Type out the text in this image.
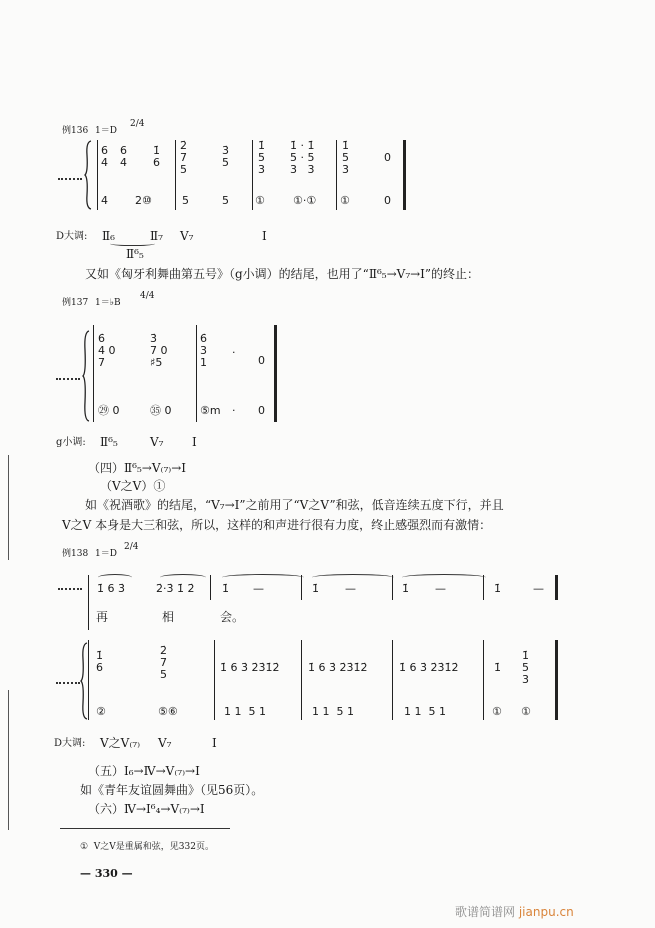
例136 1＝D
2/4
6
4
6
4
1̇
6
2̇
7
5
3̇
5
1̇
5
3
1̇ · 1̇
5 · 5
3   3
1̇
5
3
0
4 2⑩	5	5 ①	①·① ①	0
D大调: Ⅱ₆	Ⅱ₇ V₇	Ⅰ
Ⅱ⁶₅
又如《匈牙利舞曲第五号》（g小调）的结尾，也用了“Ⅱ⁶₅→V₇→Ⅰ”的终止：
例137 1＝♭B
4/4
6̇
4 0
7
3̇
7 0
♯5
6̇
3
1
·
0
㉙ 0	㉟ 0	⑤m · 0
g小调: Ⅱ⁶₅	V₇ Ⅰ
（四）Ⅱ⁶₅→V₍₇₎→Ⅰ
（V之V）①
如《祝酒歌》的结尾，“V₇→Ⅰ”之前用了“V之V”和弦，低音连续五度下行，并且
V之V 本身是大三和弦，所以，这样的和声进行很有力度，终止感强烈而有激情：
例138 1＝D
2/4
1̇ 6 3̇	2̇·3̇ 1̇ 2̇	1̇ —	1̇ —	1̇ —	1̇	—
再	相	会。
1̇
6
2̇
7
5
1̇ 6 3̇ 2̇3̇1̇2̇	1̇ 6 3̇ 2̇3̇1̇2̇	1̇ 6 3̇ 2̇3̇1̇2̇	1̇
1̇
5
3
②	⑤⑥	1 1  5 1	1 1  5 1	1 1  5 1	① ①
D大调: V之V₍₇₎ V₇	Ⅰ
（五）Ⅰ₆→Ⅳ→V₍₇₎→Ⅰ
如《青年友谊圆舞曲》（见56页）。
（六）Ⅳ→Ⅰ⁶₄→V₍₇₎→Ⅰ
①  V之V是重属和弦，见332页。
— 330 —
歌谱简谱网 jianpu.cn
